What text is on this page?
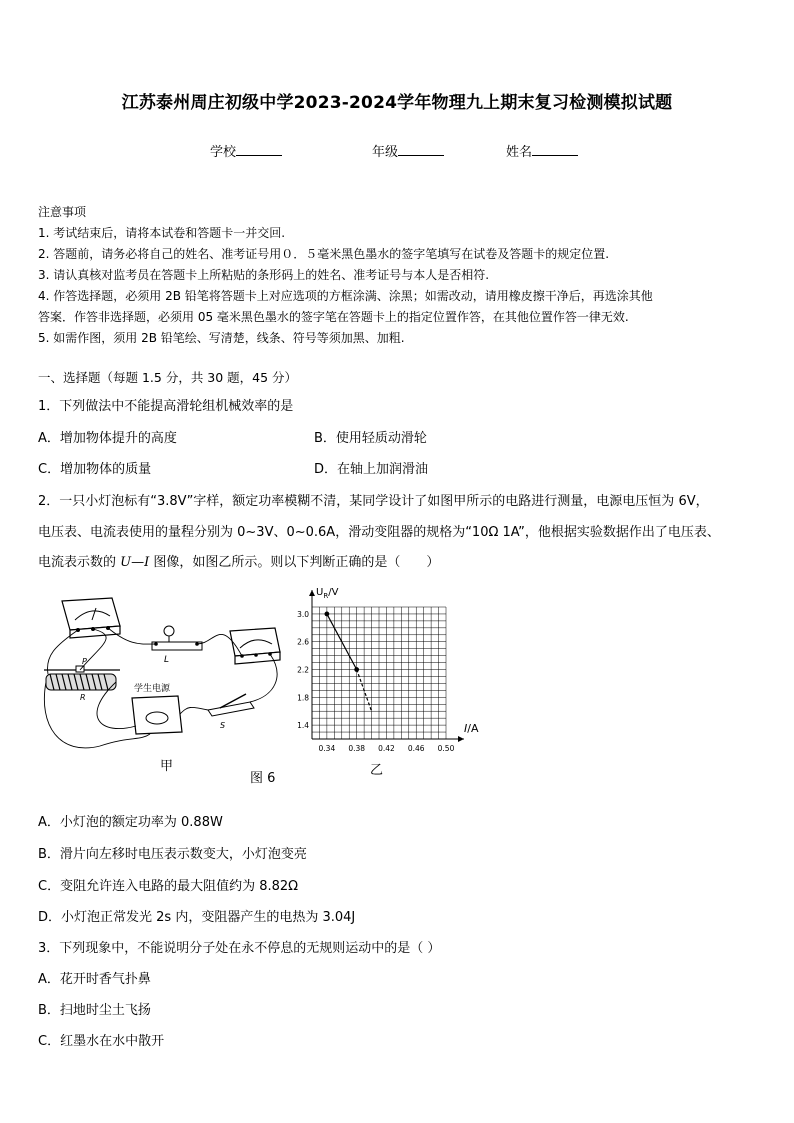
江苏泰州周庄初级中学2023-2024学年物理九上期末复习检测模拟试题
学校	年级	姓名
注意事项
1. 考试结束后，请将本试卷和答题卡一并交回.
2. 答题前，请务必将自己的姓名、准考证号用０．５毫米黑色墨水的签字笔填写在试卷及答题卡的规定位置.
3. 请认真核对监考员在答题卡上所粘贴的条形码上的姓名、准考证号与本人是否相符.
4. 作答选择题，必须用 2B 铅笔将答题卡上对应选项的方框涂满、涂黑；如需改动，请用橡皮擦干净后，再选涂其他
答案．作答非选择题，必须用 05 毫米黑色墨水的签字笔在答题卡上的指定位置作答，在其他位置作答一律无效.
5. 如需作图，须用 2B 铅笔绘、写清楚，线条、符号等须加黑、加粗.
一、选择题（每题 1.5 分，共 30 题，45 分）
1．下列做法中不能提高滑轮组机械效率的是
A．增加物体提升的高度	B．使用轻质动滑轮
C．增加物体的质量	D．在轴上加润滑油
2．一只小灯泡标有“3.8V”字样，额定功率模糊不清，某同学设计了如图甲所示的电路进行测量，电源电压恒为 6V，
电压表、电流表使用的量程分别为 0~3V、0~0.6A，滑动变阻器的规格为“10Ω 1A”，他根据实验数据作出了电压表、
电流表示数的 U—I 图像，如图乙所示。则以下判断正确的是（　　）
L
P
R
学生电源
S
甲
图 6
0.34 0.38 0.42 0.46 0.50
3.0
2.6
2.2
1.8
1.4
$U_R/V$
I/A
乙
A．小灯泡的额定功率为 0.88W
B．滑片向左移时电压表示数变大，小灯泡变亮
C．变阻允许连入电路的最大阻值约为 8.82Ω
D．小灯泡正常发光 2s 内，变阻器产生的电热为 3.04J
3．下列现象中，不能说明分子处在永不停息的无规则运动中的是（ ）
A．花开时香气扑鼻
B．扫地时尘土飞扬
C．红墨水在水中散开
